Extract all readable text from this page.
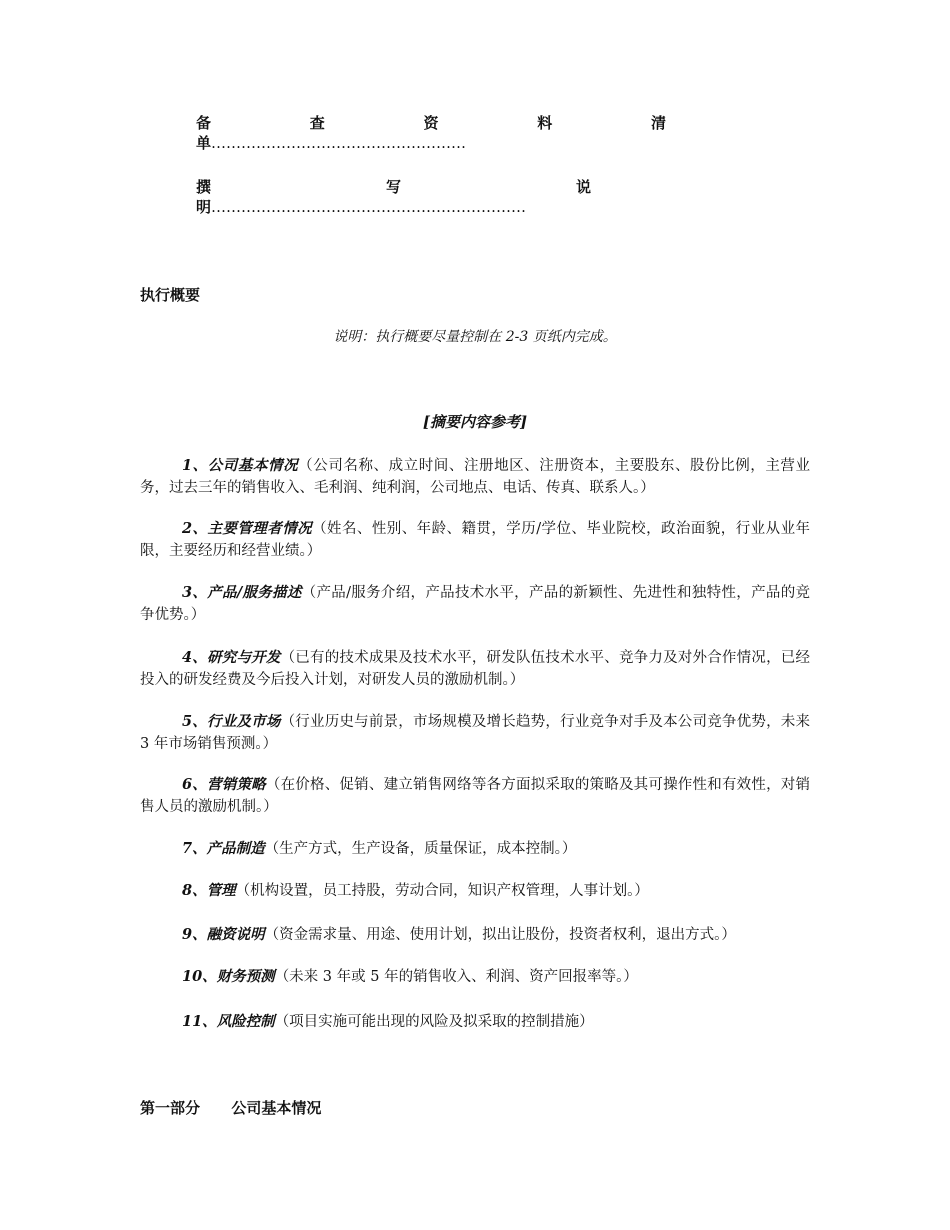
备	查	资	料	清
单……………………………………………
撰	写	说
明………………………………………………………
执行概要
说明：执行概要尽量控制在 2-3 页纸内完成。
[摘要内容参考]
1、公司基本情况（公司名称、成立时间、注册地区、注册资本，主要股东、股份比例，主营业务，过去三年的销售收入、毛利润、纯利润，公司地点、电话、传真、联系人。）
2、主要管理者情况（姓名、性别、年龄、籍贯，学历/学位、毕业院校，政治面貌，行业从业年限，主要经历和经营业绩。）
3、产品/服务描述（产品/服务介绍，产品技术水平，产品的新颖性、先进性和独特性，产品的竞争优势。）
4、研究与开发（已有的技术成果及技术水平，研发队伍技术水平、竞争力及对外合作情况，已经投入的研发经费及今后投入计划，对研发人员的激励机制。）
5、行业及市场（行业历史与前景，市场规模及增长趋势，行业竞争对手及本公司竞争优势，未来 3 年市场销售预测。）
6、营销策略（在价格、促销、建立销售网络等各方面拟采取的策略及其可操作性和有效性，对销售人员的激励机制。）
7、产品制造（生产方式，生产设备，质量保证，成本控制。）
8、管理（机构设置，员工持股，劳动合同，知识产权管理，人事计划。）
9、融资说明（资金需求量、用途、使用计划，拟出让股份，投资者权利，退出方式。）
10、财务预测（未来 3 年或 5 年的销售收入、利润、资产回报率等。）
11、风险控制（项目实施可能出现的风险及拟采取的控制措施）
第一部分      公司基本情况
